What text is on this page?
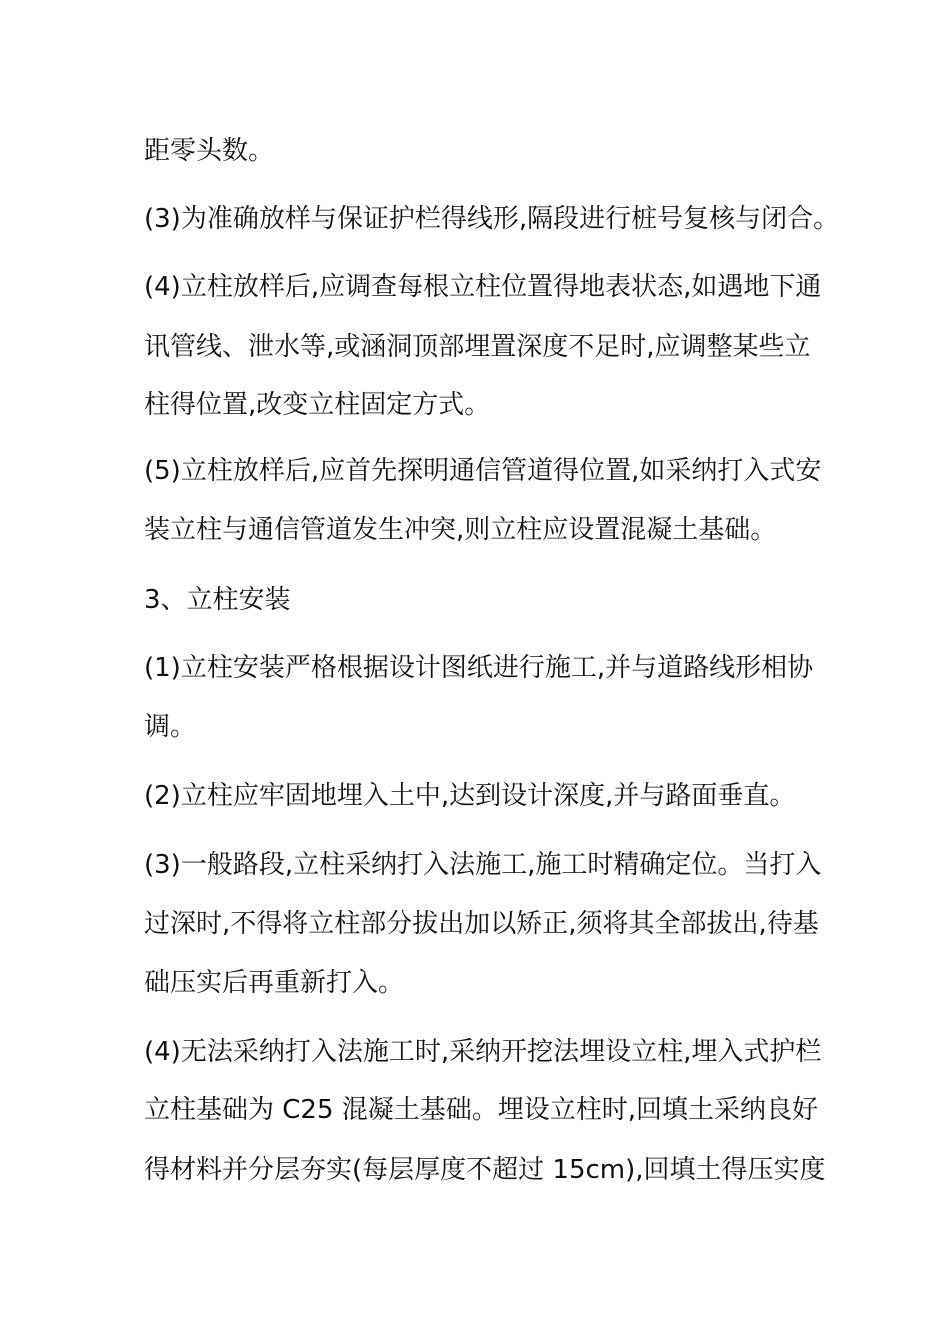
距零头数。
(3)为准确放样与保证护栏得线形,隔段进行桩号复核与闭合。
(4)立柱放样后,应调查每根立柱位置得地表状态,如遇地下通
讯管线、泄水等,或涵洞顶部埋置深度不足时,应调整某些立
柱得位置,改变立柱固定方式。
(5)立柱放样后,应首先探明通信管道得位置,如采纳打入式安
装立柱与通信管道发生冲突,则立柱应设置混凝土基础。
3、立柱安装
(1)立柱安装严格根据设计图纸进行施工,并与道路线形相协
调。
(2)立柱应牢固地埋入土中,达到设计深度,并与路面垂直。
(3)一般路段,立柱采纳打入法施工,施工时精确定位。当打入
过深时,不得将立柱部分拔出加以矫正,须将其全部拔出,待基
础压实后再重新打入。
(4)无法采纳打入法施工时,采纳开挖法埋设立柱,埋入式护栏
立柱基础为 C25 混凝土基础。埋设立柱时,回填土采纳良好
得材料并分层夯实(每层厚度不超过 15cm),回填土得压实度
